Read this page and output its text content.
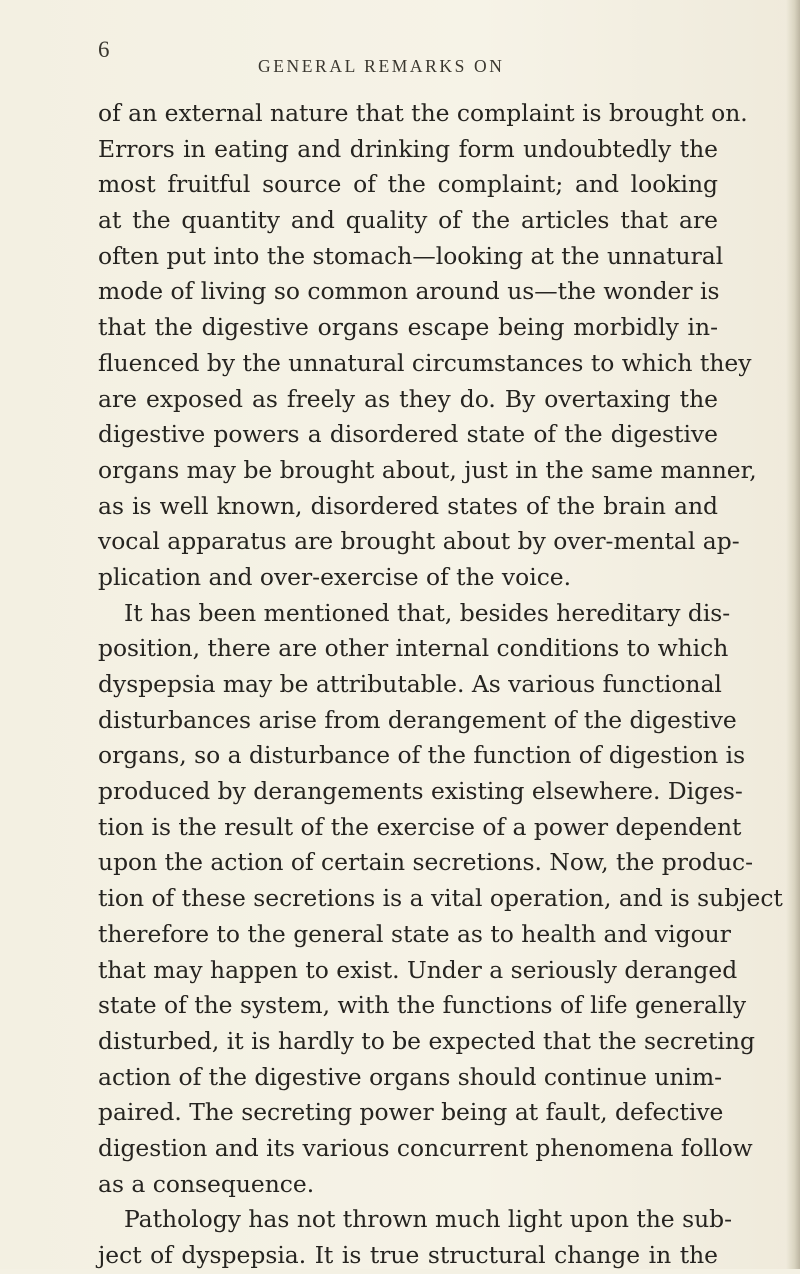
6

GENERAL REMARKS ON

of an external nature that the complaint is brought on.

Errors in eating and drinking form undoubtedly the

most fruitful source of the complaint; and looking

at the quantity and quality of the articles that are

often put into the stomach—looking at the unnatural

mode of living so common around us—the wonder is

that the digestive organs escape being morbidly in-

fluenced by the unnatural circumstances to which they

are exposed as freely as they do. By overtaxing the

digestive powers a disordered state of the digestive

organs may be brought about, just in the same manner,

as is well known, disordered states of the brain and

vocal apparatus are brought about by over-mental ap-

plication and over-exercise of the voice.

It has been mentioned that, besides hereditary dis-

position, there are other internal conditions to which

dyspepsia may be attributable. As various functional

disturbances arise from derangement of the digestive

organs, so a disturbance of the function of digestion is

produced by derangements existing elsewhere. Diges-

tion is the result of the exercise of a power dependent

upon the action of certain secretions. Now, the produc-

tion of these secretions is a vital operation, and is subject

therefore to the general state as to health and vigour

that may happen to exist. Under a seriously deranged

state of the system, with the functions of life generally

disturbed, it is hardly to be expected that the secreting

action of the digestive organs should continue unim-

paired. The secreting power being at fault, defective

digestion and its various concurrent phenomena follow

as a consequence.

Pathology has not thrown much light upon the sub-

ject of dyspepsia. It is true structural change in the
